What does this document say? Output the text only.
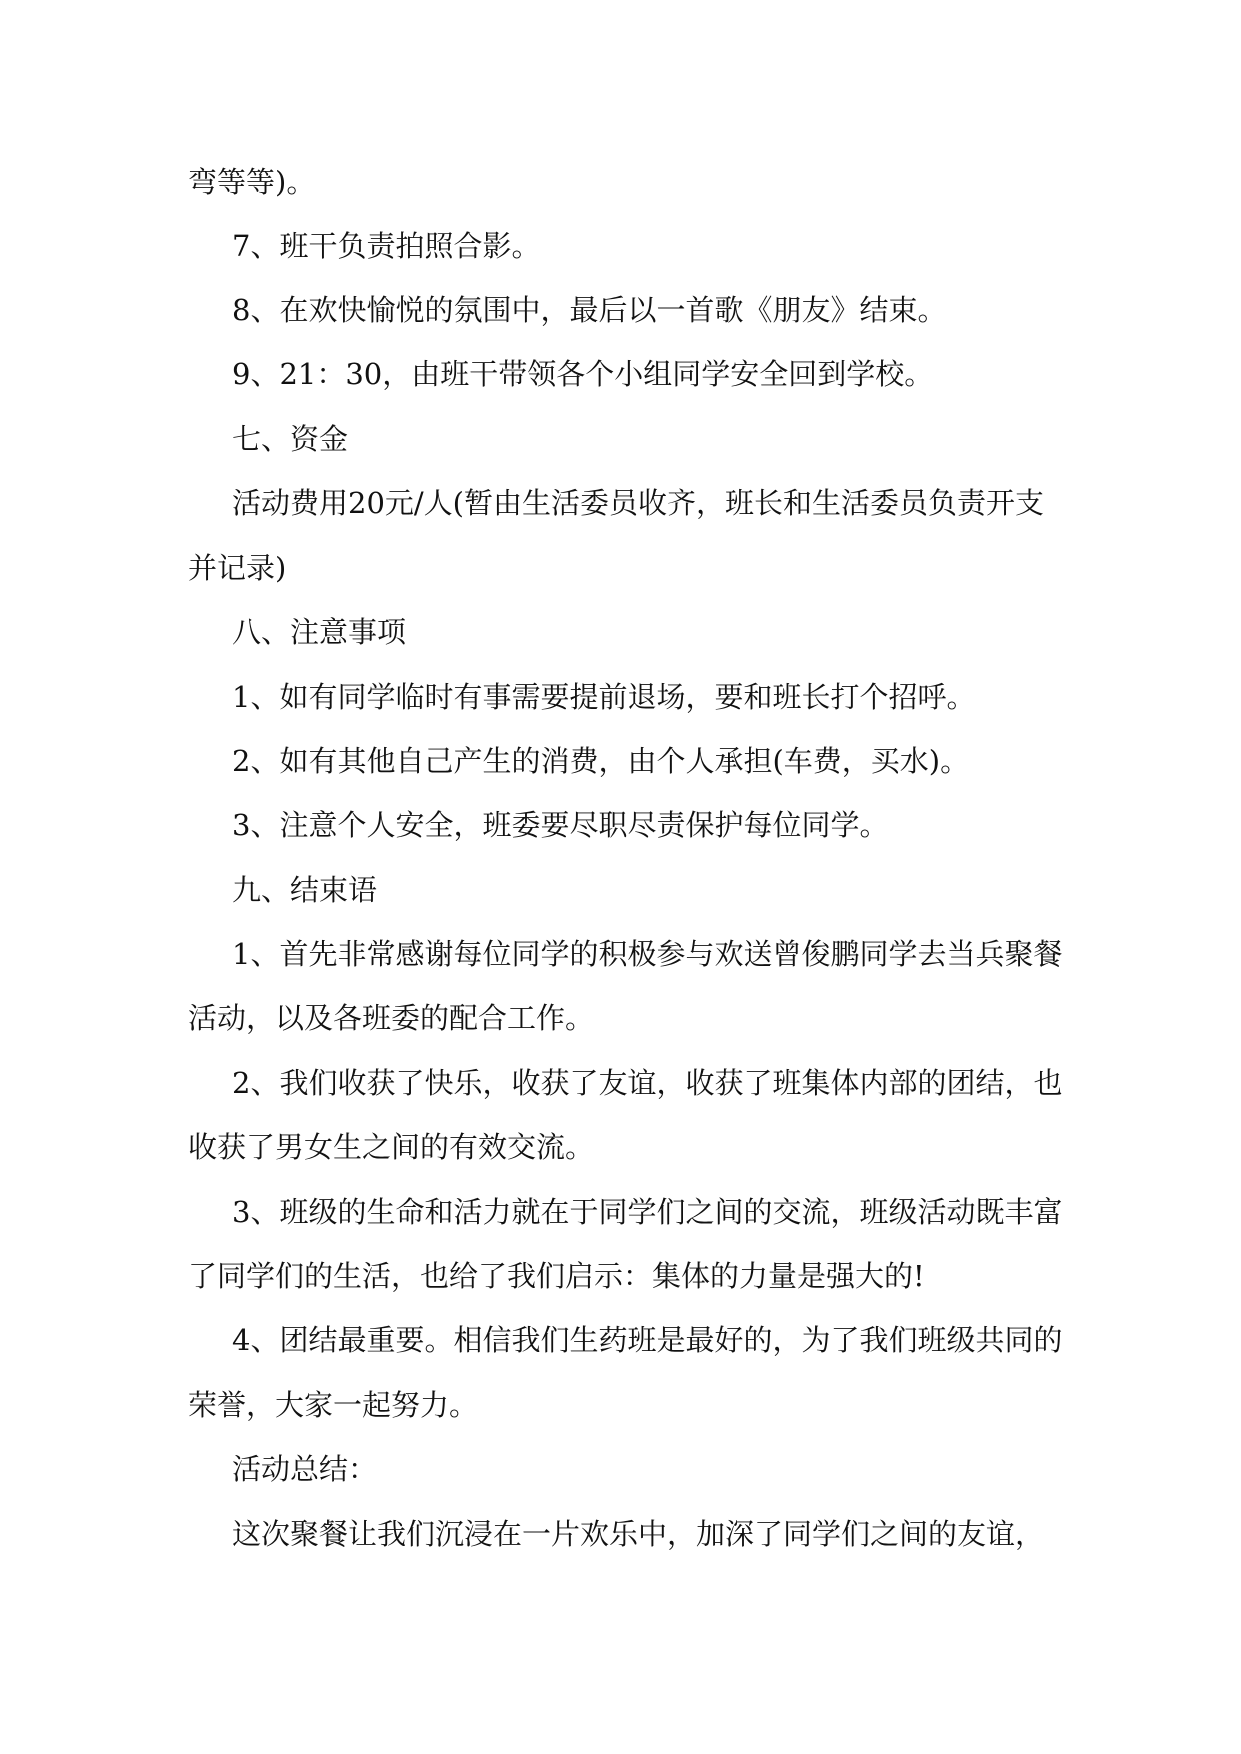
弯等等)。

7、班干负责拍照合影。

8、在欢快愉悦的氛围中，最后以一首歌《朋友》结束。

9、21：30，由班干带领各个小组同学安全回到学校。

七、资金

活动费用20元/人(暂由生活委员收齐，班长和生活委员负责开支

并记录)

八、注意事项

1、如有同学临时有事需要提前退场，要和班长打个招呼。

2、如有其他自己产生的消费，由个人承担(车费，买水)。

3、注意个人安全，班委要尽职尽责保护每位同学。

九、结束语

1、首先非常感谢每位同学的积极参与欢送曾俊鹏同学去当兵聚餐

活动，以及各班委的配合工作。

2、我们收获了快乐，收获了友谊，收获了班集体内部的团结，也

收获了男女生之间的有效交流。

3、班级的生命和活力就在于同学们之间的交流，班级活动既丰富

了同学们的生活，也给了我们启示：集体的力量是强大的!

4、团结最重要。相信我们生药班是最好的，为了我们班级共同的

荣誉，大家一起努力。

活动总结：

这次聚餐让我们沉浸在一片欢乐中，加深了同学们之间的友谊，
